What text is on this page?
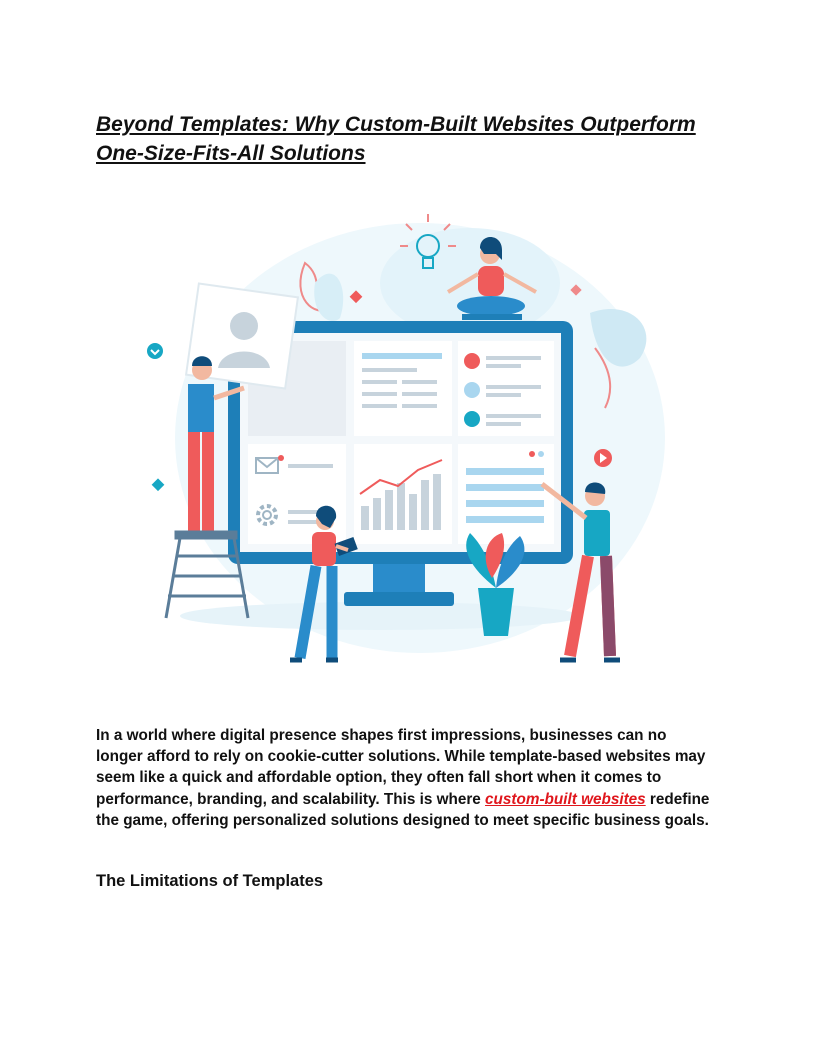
Beyond Templates: Why Custom-Built Websites Outperform
One-Size-Fits-All Solutions

In a world where digital presence shapes first impressions, businesses can no longer afford to rely on cookie-cutter solutions. While template-based websites may seem like a quick and affordable option, they often fall short when it comes to performance, branding, and scalability. This is where custom-built websites redefine the game, offering personalized solutions designed to meet specific business goals.

The Limitations of Templates
